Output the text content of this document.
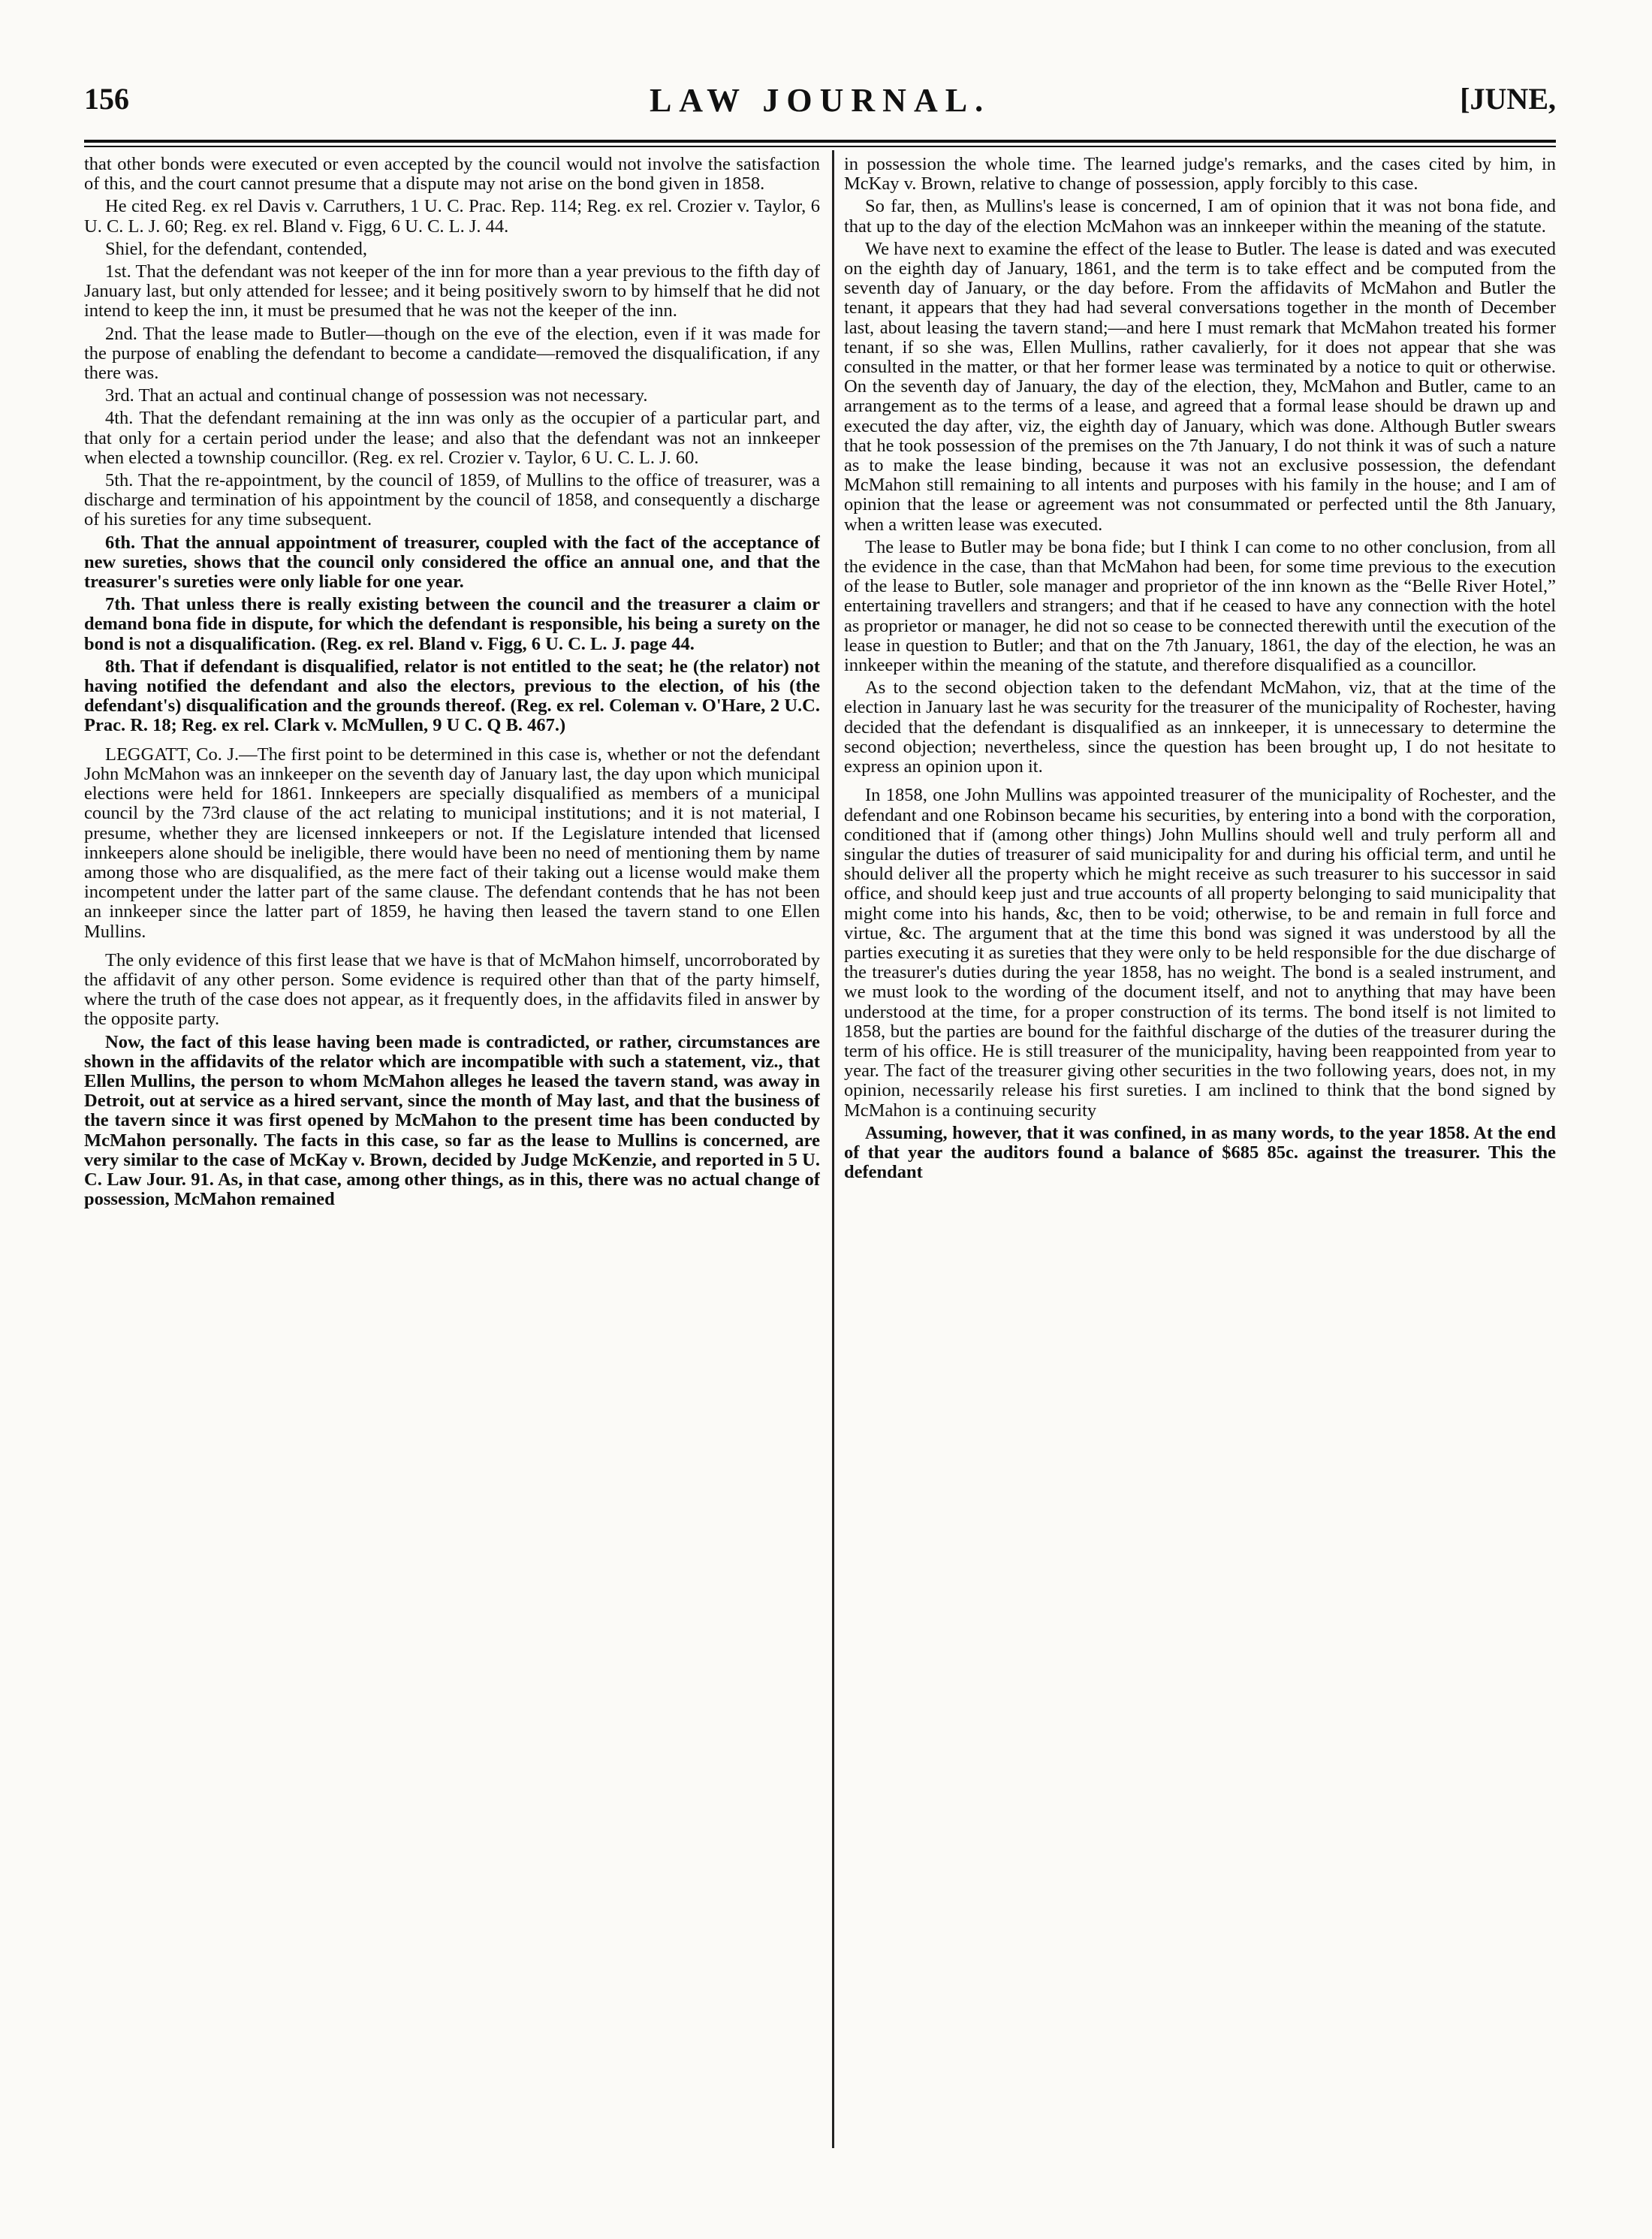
156	LAW JOURNAL.	[JUNE,

that other bonds were executed or even accepted by the council would not involve the satisfaction of this, and the court cannot presume that a dispute may not arise on the bond given in 1858.

He cited Reg. ex rel Davis v. Carruthers, 1 U. C. Prac. Rep. 114; Reg. ex rel. Crozier v. Taylor, 6 U. C. L. J. 60; Reg. ex rel. Bland v. Figg, 6 U. C. L. J. 44.

Shiel, for the defendant, contended,

1st. That the defendant was not keeper of the inn for more than a year previous to the fifth day of January last, but only attended for lessee; and it being positively sworn to by himself that he did not intend to keep the inn, it must be presumed that he was not the keeper of the inn.

2nd. That the lease made to Butler—though on the eve of the election, even if it was made for the purpose of enabling the defendant to become a candidate—removed the disqualification, if any there was.

3rd. That an actual and continual change of possession was not necessary.

4th. That the defendant remaining at the inn was only as the occupier of a particular part, and that only for a certain period under the lease; and also that the defendant was not an innkeeper when elected a township councillor. (Reg. ex rel. Crozier v. Taylor, 6 U. C. L. J. 60.

5th. That the re-appointment, by the council of 1859, of Mullins to the office of treasurer, was a discharge and termination of his appointment by the council of 1858, and consequently a discharge of his sureties for any time subsequent.

6th. That the annual appointment of treasurer, coupled with the fact of the acceptance of new sureties, shows that the council only considered the office an annual one, and that the treasurer's sureties were only liable for one year.

7th. That unless there is really existing between the council and the treasurer a claim or demand bona fide in dispute, for which the defendant is responsible, his being a surety on the bond is not a disqualification. (Reg. ex rel. Bland v. Figg, 6 U. C. L. J. page 44.

8th. That if defendant is disqualified, relator is not entitled to the seat; he (the relator) not having notified the defendant and also the electors, previous to the election, of his (the defendant's) disqualification and the grounds thereof. (Reg. ex rel. Coleman v. O'Hare, 2 U.C. Prac. R. 18; Reg. ex rel. Clark v. McMullen, 9 U C. Q B. 467.)

LEGGATT, Co. J.—The first point to be determined in this case is, whether or not the defendant John McMahon was an innkeeper on the seventh day of January last, the day upon which municipal elections were held for 1861. Innkeepers are specially disqualified as members of a municipal council by the 73rd clause of the act relating to municipal institutions; and it is not material, I presume, whether they are licensed innkeepers or not. If the Legislature intended that licensed innkeepers alone should be ineligible, there would have been no need of mentioning them by name among those who are disqualified, as the mere fact of their taking out a license would make them incompetent under the latter part of the same clause. The defendant contends that he has not been an innkeeper since the latter part of 1859, he having then leased the tavern stand to one Ellen Mullins.

The only evidence of this first lease that we have is that of McMahon himself, uncorroborated by the affidavit of any other person. Some evidence is required other than that of the party himself, where the truth of the case does not appear, as it frequently does, in the affidavits filed in answer by the opposite party.

Now, the fact of this lease having been made is contradicted, or rather, circumstances are shown in the affidavits of the relator which are incompatible with such a statement, viz., that Ellen Mullins, the person to whom McMahon alleges he leased the tavern stand, was away in Detroit, out at service as a hired servant, since the month of May last, and that the business of the tavern since it was first opened by McMahon to the present time has been conducted by McMahon personally. The facts in this case, so far as the lease to Mullins is concerned, are very similar to the case of McKay v. Brown, decided by Judge McKenzie, and reported in 5 U. C. Law Jour. 91. As, in that case, among other things, as in this, there was no actual change of possession, McMahon remained

in possession the whole time. The learned judge's remarks, and the cases cited by him, in McKay v. Brown, relative to change of possession, apply forcibly to this case.

So far, then, as Mullins's lease is concerned, I am of opinion that it was not bona fide, and that up to the day of the election McMahon was an innkeeper within the meaning of the statute.

We have next to examine the effect of the lease to Butler. The lease is dated and was executed on the eighth day of January, 1861, and the term is to take effect and be computed from the seventh day of January, or the day before. From the affidavits of McMahon and Butler the tenant, it appears that they had had several conversations together in the month of December last, about leasing the tavern stand;—and here I must remark that McMahon treated his former tenant, if so she was, Ellen Mullins, rather cavalierly, for it does not appear that she was consulted in the matter, or that her former lease was terminated by a notice to quit or otherwise. On the seventh day of January, the day of the election, they, McMahon and Butler, came to an arrangement as to the terms of a lease, and agreed that a formal lease should be drawn up and executed the day after, viz, the eighth day of January, which was done. Although Butler swears that he took possession of the premises on the 7th January, I do not think it was of such a nature as to make the lease binding, because it was not an exclusive possession, the defendant McMahon still remaining to all intents and purposes with his family in the house; and I am of opinion that the lease or agreement was not consummated or perfected until the 8th January, when a written lease was executed.

The lease to Butler may be bona fide; but I think I can come to no other conclusion, from all the evidence in the case, than that McMahon had been, for some time previous to the execution of the lease to Butler, sole manager and proprietor of the inn known as the “Belle River Hotel,” entertaining travellers and strangers; and that if he ceased to have any connection with the hotel as proprietor or manager, he did not so cease to be connected therewith until the execution of the lease in question to Butler; and that on the 7th January, 1861, the day of the election, he was an innkeeper within the meaning of the statute, and therefore disqualified as a councillor.

As to the second objection taken to the defendant McMahon, viz, that at the time of the election in January last he was security for the treasurer of the municipality of Rochester, having decided that the defendant is disqualified as an innkeeper, it is unnecessary to determine the second objection; nevertheless, since the question has been brought up, I do not hesitate to express an opinion upon it.

In 1858, one John Mullins was appointed treasurer of the municipality of Rochester, and the defendant and one Robinson became his securities, by entering into a bond with the corporation, conditioned that if (among other things) John Mullins should well and truly perform all and singular the duties of treasurer of said municipality for and during his official term, and until he should deliver all the property which he might receive as such treasurer to his successor in said office, and should keep just and true accounts of all property belonging to said municipality that might come into his hands, &c, then to be void; otherwise, to be and remain in full force and virtue, &c. The argument that at the time this bond was signed it was understood by all the parties executing it as sureties that they were only to be held responsible for the due discharge of the treasurer's duties during the year 1858, has no weight. The bond is a sealed instrument, and we must look to the wording of the document itself, and not to anything that may have been understood at the time, for a proper construction of its terms. The bond itself is not limited to 1858, but the parties are bound for the faithful discharge of the duties of the treasurer during the term of his office. He is still treasurer of the municipality, having been reappointed from year to year. The fact of the treasurer giving other securities in the two following years, does not, in my opinion, necessarily release his first sureties. I am inclined to think that the bond signed by McMahon is a continuing security

Assuming, however, that it was confined, in as many words, to the year 1858. At the end of that year the auditors found a balance of $685 85c. against the treasurer. This the defendant
